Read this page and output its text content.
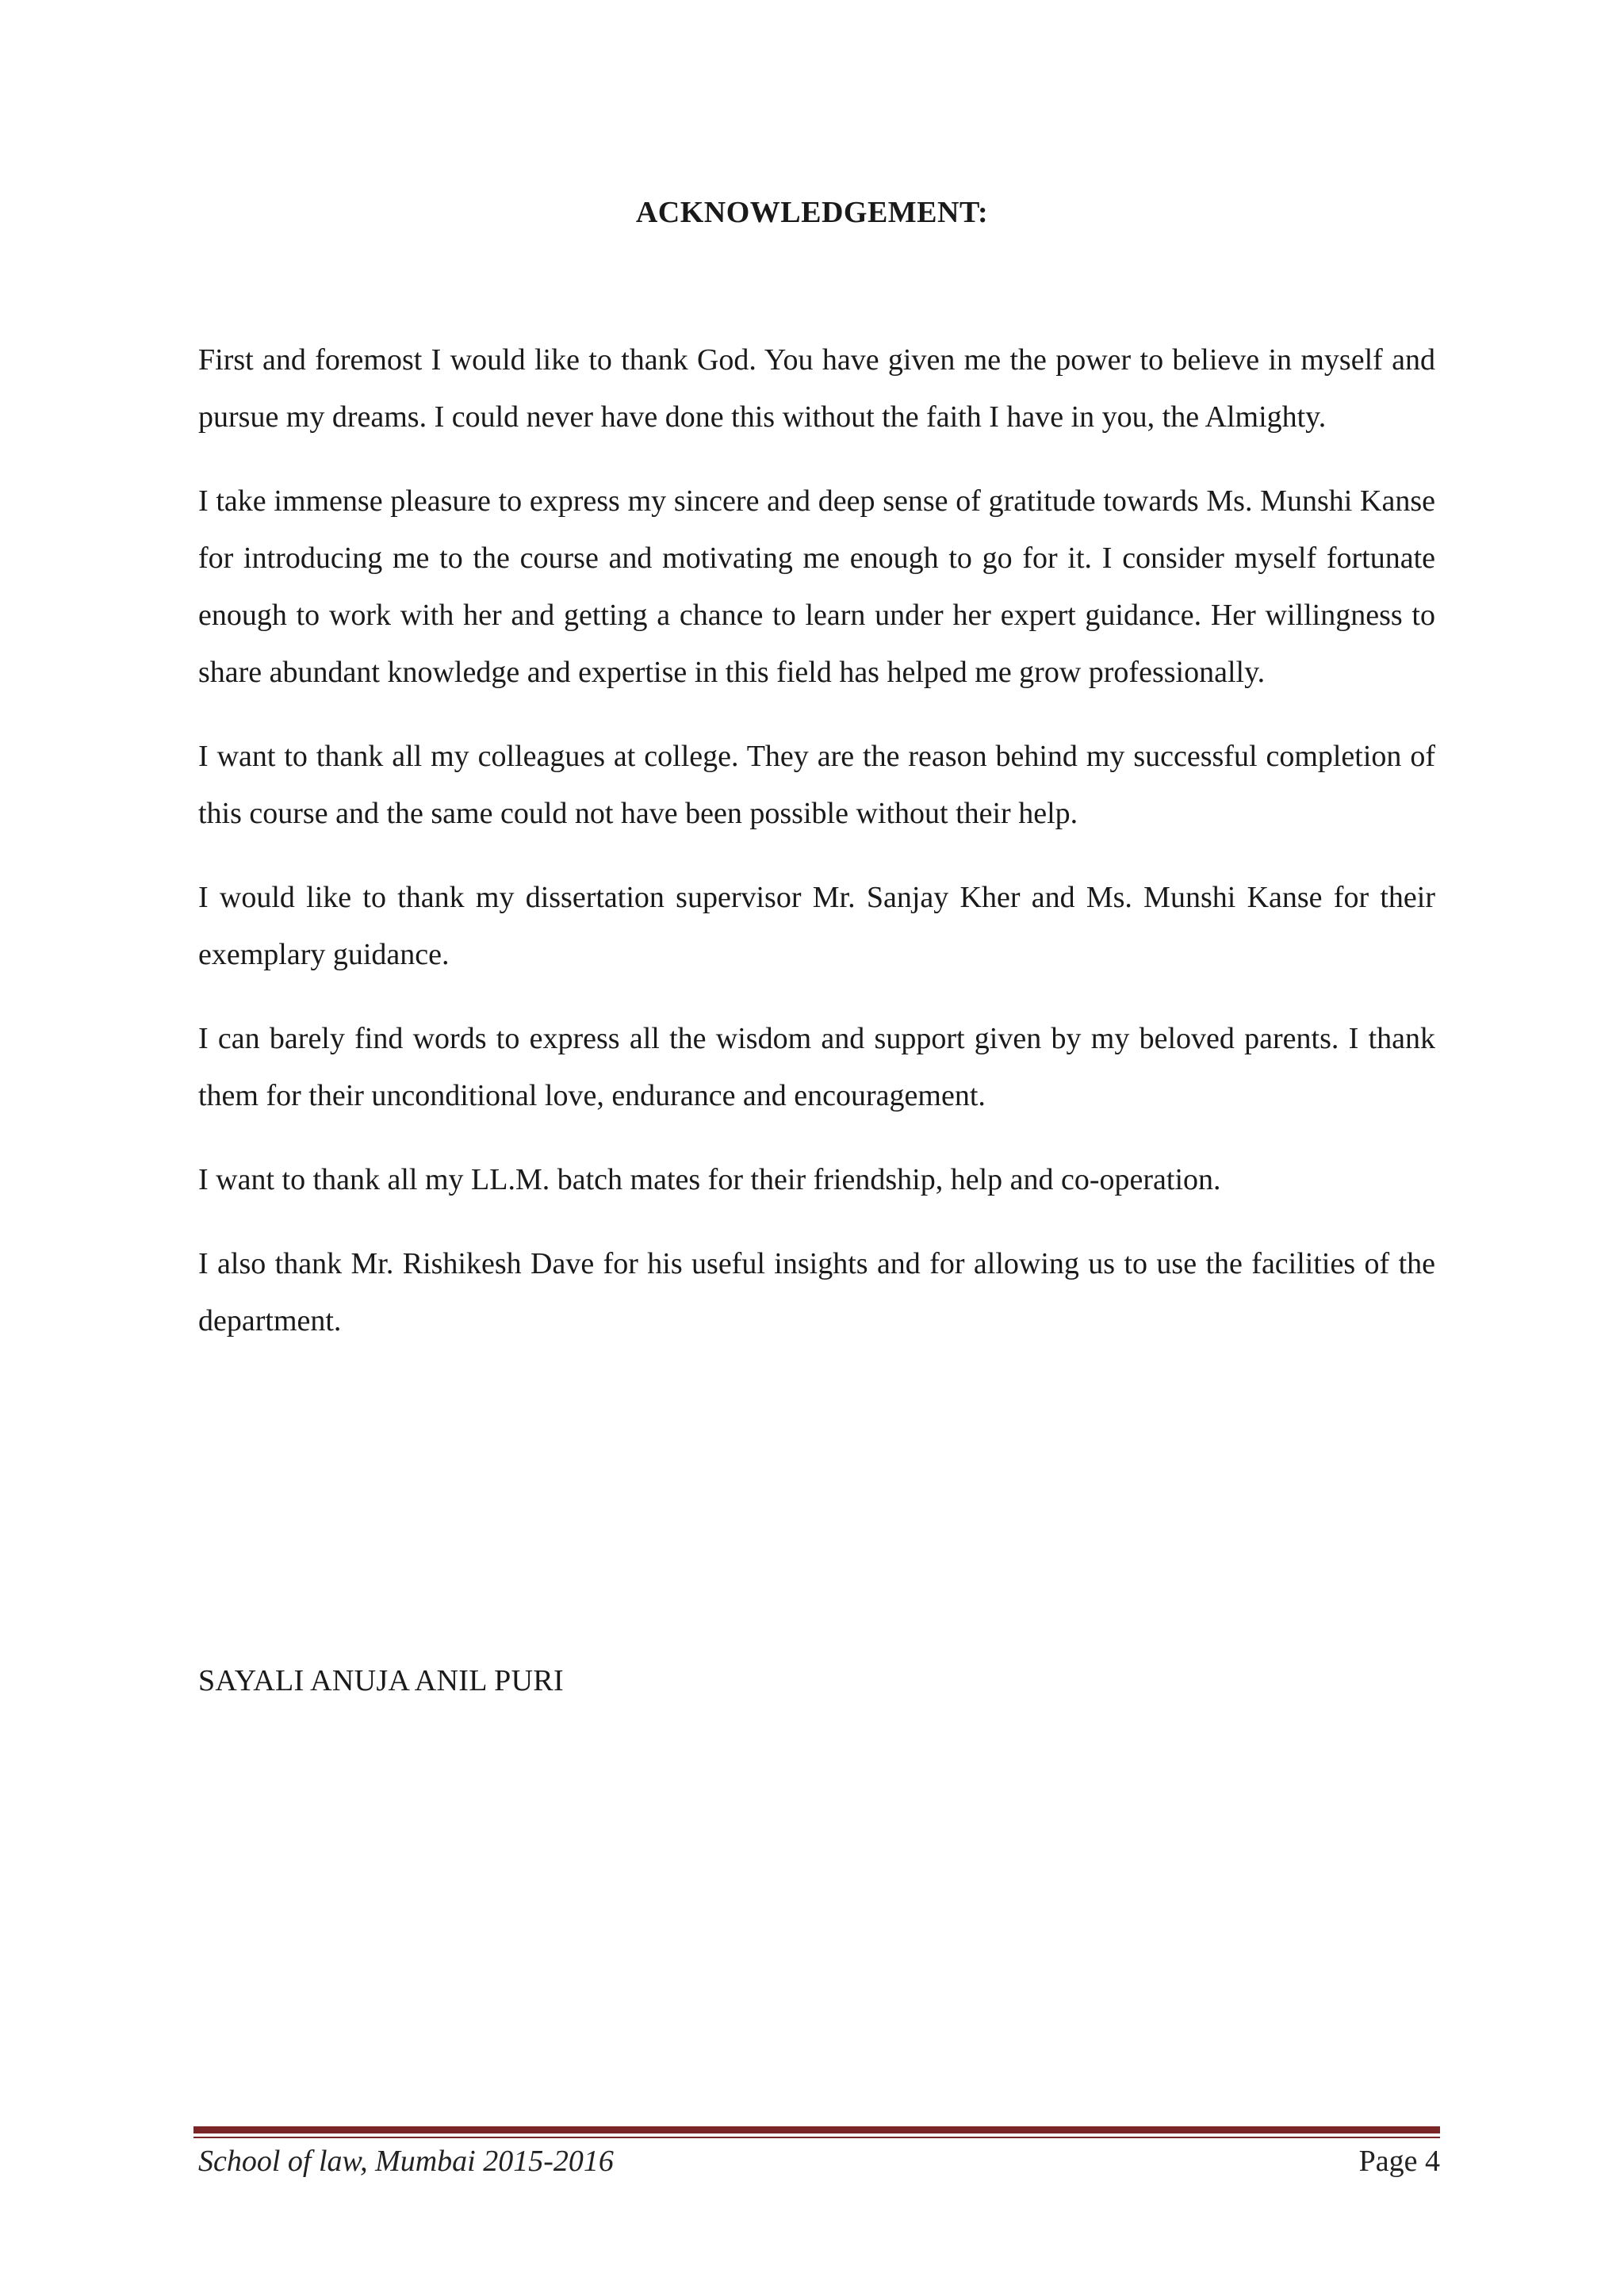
ACKNOWLEDGEMENT:

First and foremost I would like to thank God. You have given me the power to believe in myself and pursue my dreams. I could never have done this without the faith I have in you, the Almighty.

I take immense pleasure to express my sincere and deep sense of gratitude towards Ms. Munshi Kanse for introducing me to the course and motivating me enough to go for it. I consider myself fortunate enough to work with her and getting a chance to learn under her expert guidance. Her willingness to share abundant knowledge and expertise in this field has helped me grow professionally.

I want to thank all my colleagues at college. They are the reason behind my successful completion of this course and the same could not have been possible without their help.

I would like to thank my dissertation supervisor Mr. Sanjay Kher and Ms. Munshi Kanse for their exemplary guidance.

I can barely find words to express all the wisdom and support given by my beloved parents. I thank them for their unconditional love, endurance and encouragement.

I want to thank all my LL.M. batch mates for their friendship, help and co-operation.

I also thank Mr. Rishikesh Dave for his useful insights and for allowing us to use the facilities of the department.

SAYALI ANUJA ANIL PURI
School of law, Mumbai 2015-2016	Page 4
